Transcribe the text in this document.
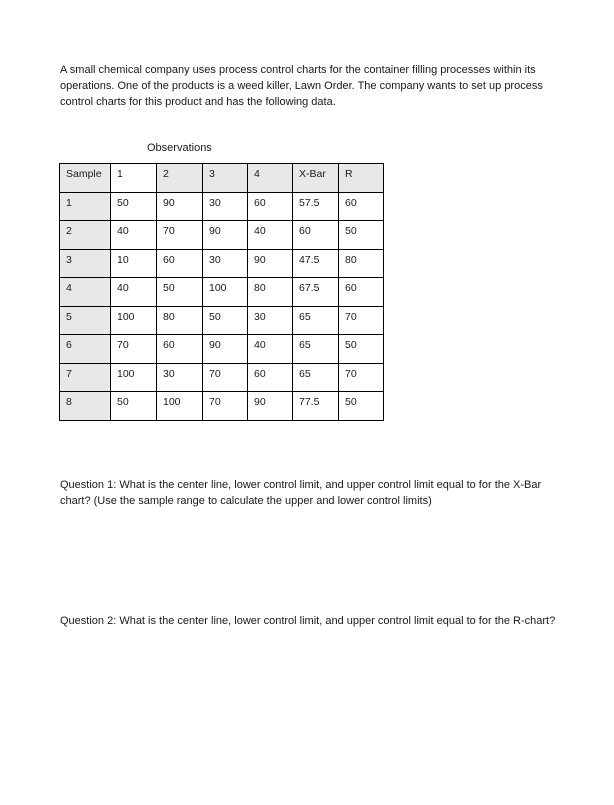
A small chemical company uses process control charts for the container filling processes within its operations. One of the products is a weed killer, Lawn Order. The company wants to set up process control charts for this product and has the following data.

Observations
Sample	1	2	3	4	X-Bar	R

1	50	90	30	60	57.5	60

2	40	70	90	40	60	50

3	10	60	30	90	47.5	80

4	40	50	100	80	67.5	60

5	100	80	50	30	65	70

6	70	60	90	40	65	50

7	100	30	70	60	65	70

8	50	100	70	90	77.5	50

Question 1: What is the center line, lower control limit, and upper control limit equal to for the X-Bar chart? (Use the sample range to calculate the upper and lower control limits)

Question 2: What is the center line, lower control limit, and upper control limit equal to for the R-chart?
